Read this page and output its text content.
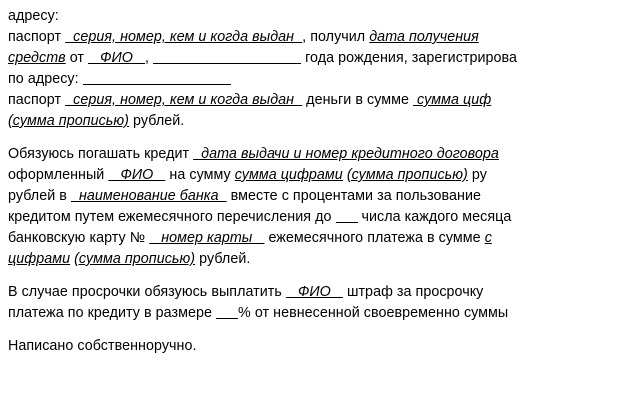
адресу:
паспорт   серия, номер, кем и когда выдан  , получил дата получения
средств от    ФИО   ,	года рождения, зарегистрирова
по адресу:
паспорт   серия, номер, кем и когда выдан   деньги в сумме  сумма циф
(сумма прописью) рублей.
Обязуюсь погашать кредит   дата выдачи и номер кредитного договора
оформленный    ФИО    на сумму сумма цифрами (сумма прописью) ру
рублей в   наименование банка   вместе с процентами за пользование
кредитом путем ежемесячного перечисления до  числа каждого месяца
банковскую карту №    номер карты    ежемесячного платежа в сумме с
цифрами (сумма прописью) рублей.
В случае просрочки обязуюсь выплатить    ФИО    штраф за просрочку
платежа по кредиту в размере % от невнесенной своевременно суммы
Написано собственноручно.
